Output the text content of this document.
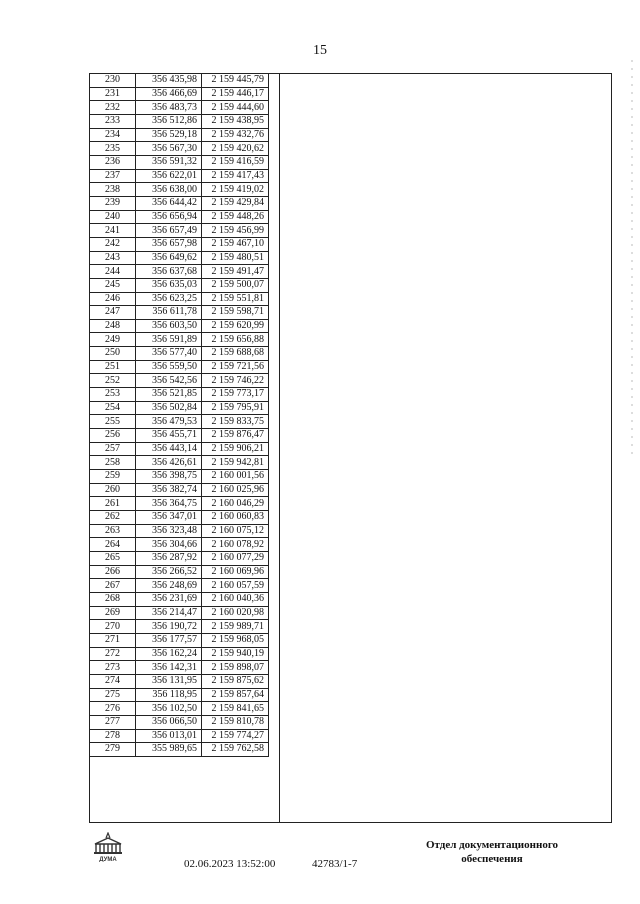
15
230	356 435,98	2 159 445,79
231	356 466,69	2 159 446,17
232	356 483,73	2 159 444,60
233	356 512,86	2 159 438,95
234	356 529,18	2 159 432,76
235	356 567,30	2 159 420,62
236	356 591,32	2 159 416,59
237	356 622,01	2 159 417,43
238	356 638,00	2 159 419,02
239	356 644,42	2 159 429,84
240	356 656,94	2 159 448,26
241	356 657,49	2 159 456,99
242	356 657,98	2 159 467,10
243	356 649,62	2 159 480,51
244	356 637,68	2 159 491,47
245	356 635,03	2 159 500,07
246	356 623,25	2 159 551,81
247	356 611,78	2 159 598,71
248	356 603,50	2 159 620,99
249	356 591,89	2 159 656,88
250	356 577,40	2 159 688,68
251	356 559,50	2 159 721,56
252	356 542,56	2 159 746,22
253	356 521,85	2 159 773,17
254	356 502,84	2 159 795,91
255	356 479,53	2 159 833,75
256	356 455,71	2 159 876,47
257	356 443,14	2 159 906,21
258	356 426,61	2 159 942,81
259	356 398,75	2 160 001,56
260	356 382,74	2 160 025,96
261	356 364,75	2 160 046,29
262	356 347,01	2 160 060,83
263	356 323,48	2 160 075,12
264	356 304,66	2 160 078,92
265	356 287,92	2 160 077,29
266	356 266,52	2 160 069,96
267	356 248,69	2 160 057,59
268	356 231,69	2 160 040,36
269	356 214,47	2 160 020,98
270	356 190,72	2 159 989,71
271	356 177,57	2 159 968,05
272	356 162,24	2 159 940,19
273	356 142,31	2 159 898,07
274	356 131,95	2 159 875,62
275	356 118,95	2 159 857,64
276	356 102,50	2 159 841,65
277	356 066,50	2 159 810,78
278	356 013,01	2 159 774,27
279	355 989,65	2 159 762,58
ДУМА	02.06.2023 13:52:00	42783/1-7
Отдел документационного
обеспечения
